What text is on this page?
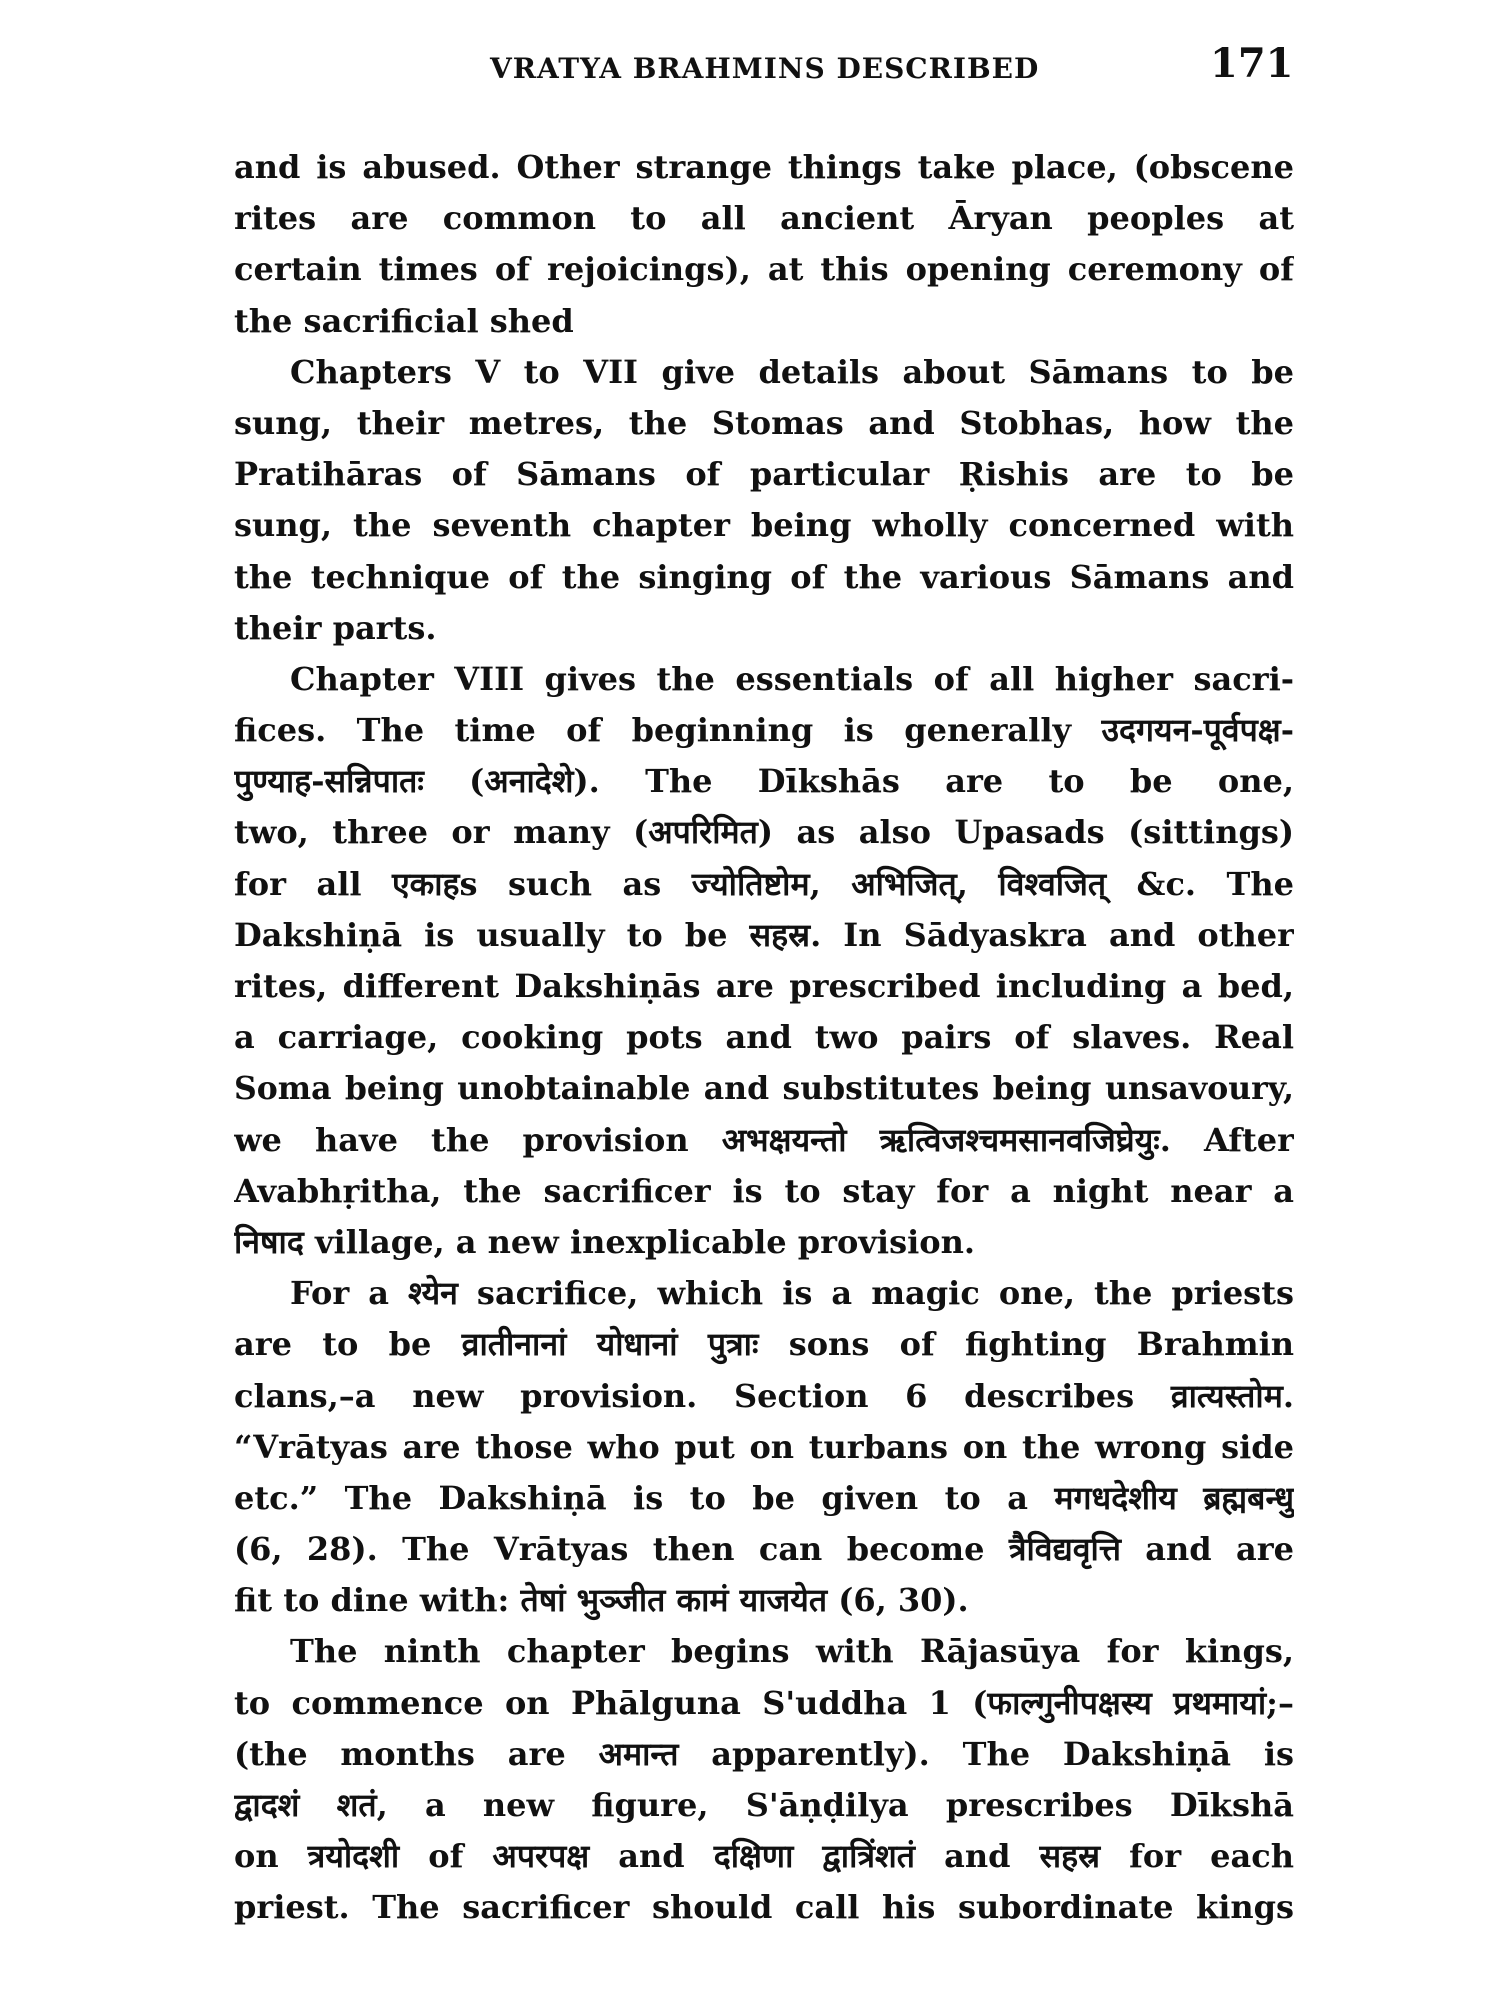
VRATYA BRAHMINS DESCRIBED	171
and is abused. Other strange things take place, (obscene
rites are common to all ancient Āryan peoples at
certain times of rejoicings), at this opening ceremony of
the sacrificial shed
Chapters V to VII give details about Sāmans to be
sung, their metres, the Stomas and Stobhas, how the
Pratihāras of Sāmans of particular Ṛishis are to be
sung, the seventh chapter being wholly concerned with
the technique of the singing of the various Sāmans and
their parts.
Chapter VIII gives the essentials of all higher sacri-
fices. The time of beginning is generally उदगयन-पूर्वपक्ष-
पुण्याह-सन्निपातः (अनादेशे). The Dīkshās are to be one,
two, three or many (अपरिमित) as also Upasads (sittings)
for all एकाहs such as ज्योतिष्टोम, अभिजित्, विश्वजित् &c. The
Dakshiṇā is usually to be सहस्र. In Sādyaskra and other
rites, different Dakshiṇās are prescribed including a bed,
a carriage, cooking pots and two pairs of slaves. Real
Soma being unobtainable and substitutes being unsavoury,
we have the provision अभक्षयन्तो ऋत्विजश्चमसानवजिघ्रेयुः. After
Avabhṛitha, the sacrificer is to stay for a night near a
निषाद village, a new inexplicable provision.
For a श्येन sacrifice, which is a magic one, the priests
are to be व्रातीनानां योधानां पुत्राः sons of fighting Brahmin
clans,–a new provision. Section 6 describes व्रात्यस्तोम.
“Vrātyas are those who put on turbans on the wrong side
etc.” The Dakshiṇā is to be given to a मगधदेशीय ब्रह्मबन्धु
(6, 28). The Vrātyas then can become त्रैविद्यवृत्ति and are
fit to dine with: तेषां भुञ्जीत कामं याजयेत (6, 30).
The ninth chapter begins with Rājasūya for kings,
to commence on Phālguna S'uddha 1 (फाल्गुनीपक्षस्य प्रथमायां;–
(the months are अमान्त apparently). The Dakshiṇā is
द्वादशं शतं, a new figure, S'āṇḍilya prescribes Dīkshā
on त्रयोदशी of अपरपक्ष and दक्षिणा द्वात्रिंशतं and सहस्र for each
priest. The sacrificer should call his subordinate kings
